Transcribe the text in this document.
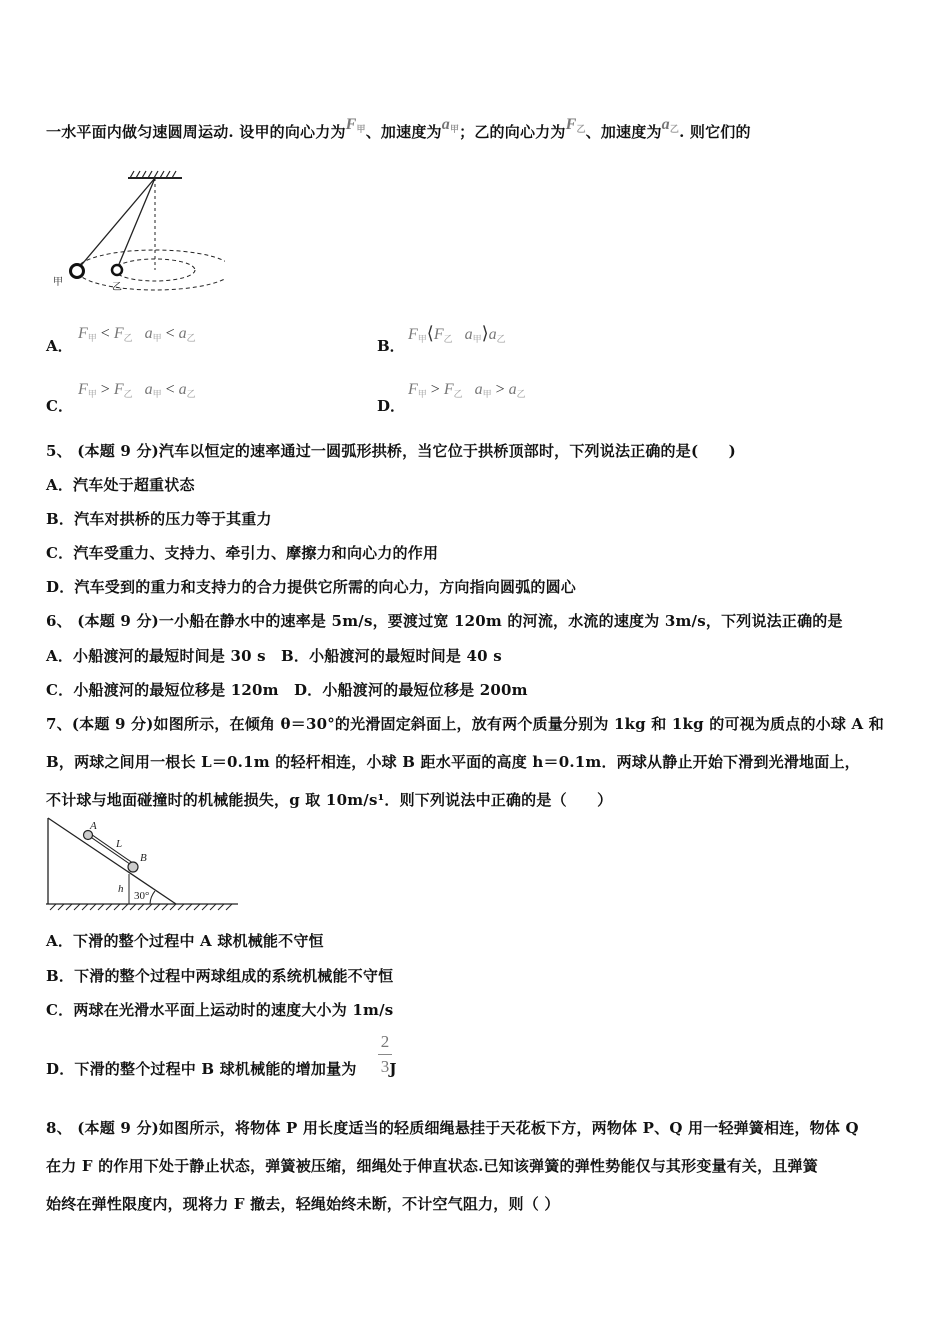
一水平面内做匀速圆周运动. 设甲的向心力为$F_甲$、加速度为$a_甲$；乙的向心力为$F_乙$、加速度为$a_乙$. 则它们的
甲	乙
A．
$F_甲 < F_乙$ $a_甲 < a_乙$	B．
$F_甲⟨F_乙$ $a_甲⟩a_乙$
C．
$F_甲 > F_乙$ $a_甲 < a_乙$
D．
$F_甲 > F_乙$ $a_甲 > a_乙$
5、 (本题 9 分)汽车以恒定的速率通过一圆弧形拱桥，当它位于拱桥顶部时，下列说法正确的是(　　)
A．汽车处于超重状态
B．汽车对拱桥的压力等于其重力
C．汽车受重力、支持力、牵引力、摩擦力和向心力的作用
D．汽车受到的重力和支持力的合力提供它所需的向心力，方向指向圆弧的圆心
6、 (本题 9 分)一小船在静水中的速率是 5m/s，要渡过宽 120m 的河流，水流的速度为 3m/s，下列说法正确的是
A．小船渡河的最短时间是 30 s　B．小船渡河的最短时间是 40 s
C．小船渡河的最短位移是 120m　D．小船渡河的最短位移是 200m
7、(本题 9 分)如图所示，在倾角 θ＝30°的光滑固定斜面上，放有两个质量分别为 1kg 和 1kg 的可视为质点的小球 A 和
B，两球之间用一根长 L＝0.1m 的轻杆相连，小球 B 距水平面的高度 h＝0.1m．两球从静止开始下滑到光滑地面上，
不计球与地面碰撞时的机械能损失，g 取 10m/s¹．则下列说法中正确的是（　　）
A
L
B
h
30°
A．下滑的整个过程中 A 球机械能不守恒
B．下滑的整个过程中两球组成的系统机械能不守恒
C．两球在光滑水平面上运动时的速度大小为 1m/s
D．下滑的整个过程中 B 球机械能的增加量为 J
2
3
8、 (本题 9 分)如图所示，将物体 P 用长度适当的轻质细绳悬挂于天花板下方，两物体 P、Q 用一轻弹簧相连，物体 Q
在力 F 的作用下处于静止状态，弹簧被压缩，细绳处于伸直状态.已知该弹簧的弹性势能仅与其形变量有关，且弹簧
始终在弹性限度内，现将力 F 撤去，轻绳始终未断，不计空气阻力，则（ ）
